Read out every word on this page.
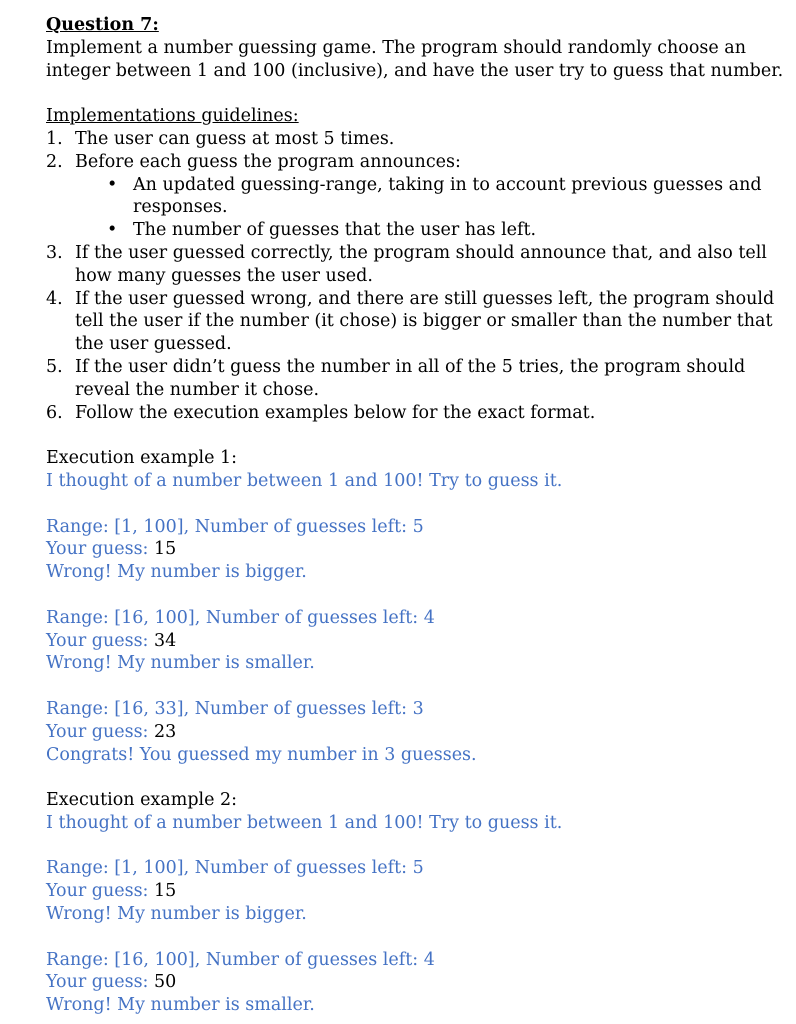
Question 7:

Implement a number guessing game. The program should randomly choose an

integer between 1 and 100 (inclusive), and have the user try to guess that number.

Implementations guidelines:

1. The user can guess at most 5 times.
2. Before each guess the program announces:
• An updated guessing-range, taking in to account previous guesses and
responses.
• The number of guesses that the user has left.
3. If the user guessed correctly, the program should announce that, and also tell
how many guesses the user used.
4. If the user guessed wrong, and there are still guesses left, the program should
tell the user if the number (it chose) is bigger or smaller than the number that
the user guessed.
5. If the user didn’t guess the number in all of the 5 tries, the program should
reveal the number it chose.
6. Follow the execution examples below for the exact format.

Execution example 1:

I thought of a number between 1 and 100! Try to guess it.

Range: [1, 100], Number of guesses left: 5

Your guess: 15

Wrong! My number is bigger.

Range: [16, 100], Number of guesses left: 4

Your guess: 34

Wrong! My number is smaller.

Range: [16, 33], Number of guesses left: 3

Your guess: 23

Congrats! You guessed my number in 3 guesses.

Execution example 2:

I thought of a number between 1 and 100! Try to guess it.

Range: [1, 100], Number of guesses left: 5

Your guess: 15

Wrong! My number is bigger.

Range: [16, 100], Number of guesses left: 4

Your guess: 50

Wrong! My number is smaller.
